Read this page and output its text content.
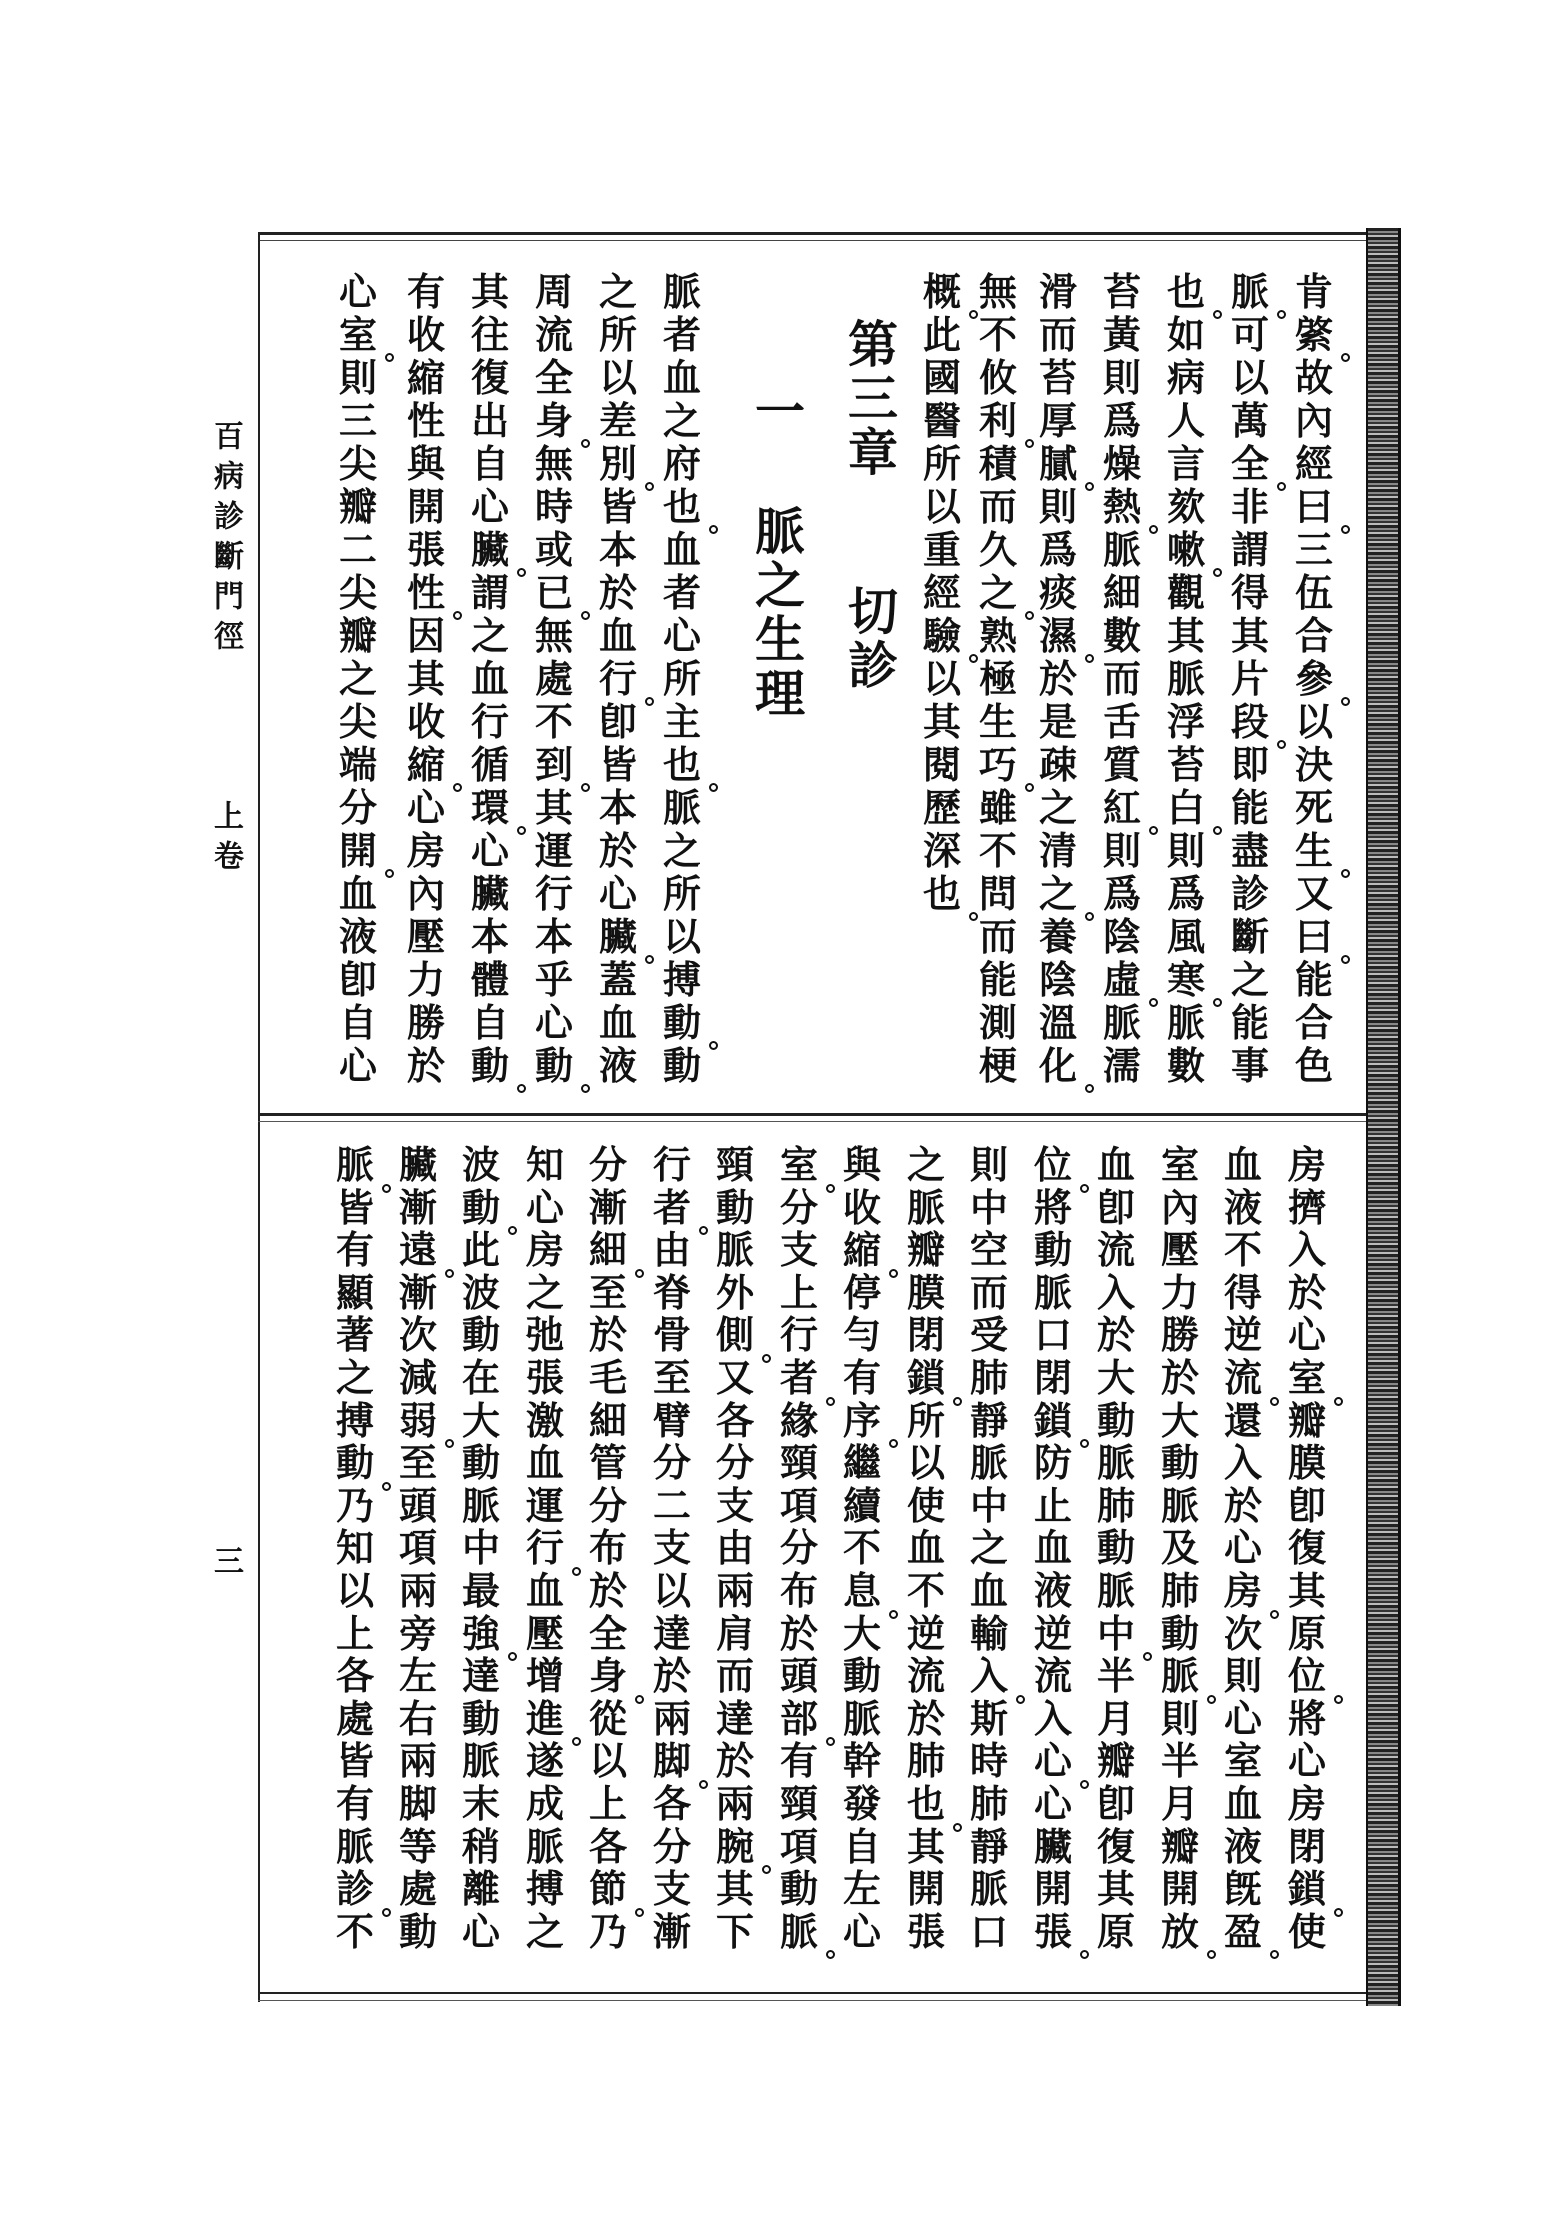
百病診斷門徑
上卷
三
肯
綮
故
內
經
曰
三
伍
合
參
以
決
死
生
又
曰
能
合
色
脈
可
以
萬
全
非
謂
得
其
片
段
即
能
盡
診
斷
之
能
事
也
如
病
人
言
欬
嗽
觀
其
脈
浮
苔
白
則
爲
風
寒
脈
數
苔
黃
則
爲
燥
熱
脈
細
數
而
舌
質
紅
則
爲
陰
虛
脈
濡
滑
而
苔
厚
膩
則
爲
痰
濕
於
是
疎
之
清
之
養
陰
溫
化
無
不
攸
利
積
而
久
之
熟
極
生
巧
雖
不
問
而
能
測
梗
概
此
國
醫
所
以
重
經
驗
以
其
閱
歷
深
也
第三章
切診
一
脈之生理
脈
者
血
之
府
也
血
者
心
所
主
也
脈
之
所
以
搏
動
動
之
所
以
差
別
皆
本
於
血
行
卽
皆
本
於
心
臟
蓋
血
液
周
流
全
身
無
時
或
已
無
處
不
到
其
運
行
本
乎
心
動
其
往
復
出
自
心
臟
謂
之
血
行
循
環
心
臟
本
體
自
動
有
收
縮
性
與
開
張
性
因
其
收
縮
心
房
內
壓
力
勝
於
心
室
則
三
尖
瓣
二
尖
瓣
之
尖
端
分
開
血
液
卽
自
心
房
擠
入
於
心
室
瓣
膜
卽
復
其
原
位
將
心
房
閉
鎖
使
血
液
不
得
逆
流
還
入
於
心
房
次
則
心
室
血
液
旣
盈
室
內
壓
力
勝
於
大
動
脈
及
肺
動
脈
則
半
月
瓣
開
放
血
卽
流
入
於
大
動
脈
肺
動
脈
中
半
月
瓣
卽
復
其
原
位
將
動
脈
口
閉
鎖
防
止
血
液
逆
流
入
心
心
臟
開
張
則
中
空
而
受
肺
靜
脈
中
之
血
輸
入
斯
時
肺
靜
脈
口
之
脈
瓣
膜
閉
鎖
所
以
使
血
不
逆
流
於
肺
也
其
開
張
與
收
縮
停
勻
有
序
繼
續
不
息
大
動
脈
幹
發
自
左
心
室
分
支
上
行
者
緣
頸
項
分
布
於
頭
部
有
頸
項
動
脈
頸
動
脈
外
側
又
各
分
支
由
兩
肩
而
達
於
兩
腕
其
下
行
者
由
脊
骨
至
臂
分
二
支
以
達
於
兩
脚
各
分
支
漸
分
漸
細
至
於
毛
細
管
分
布
於
全
身
從
以
上
各
節
乃
知
心
房
之
弛
張
激
血
運
行
血
壓
增
進
遂
成
脈
搏
之
波
動
此
波
動
在
大
動
脈
中
最
強
達
動
脈
末
稍
離
心
臟
漸
遠
漸
次
減
弱
至
頭
項
兩
旁
左
右
兩
脚
等
處
動
脈
皆
有
顯
著
之
搏
動
乃
知
以
上
各
處
皆
有
脈
診
不
